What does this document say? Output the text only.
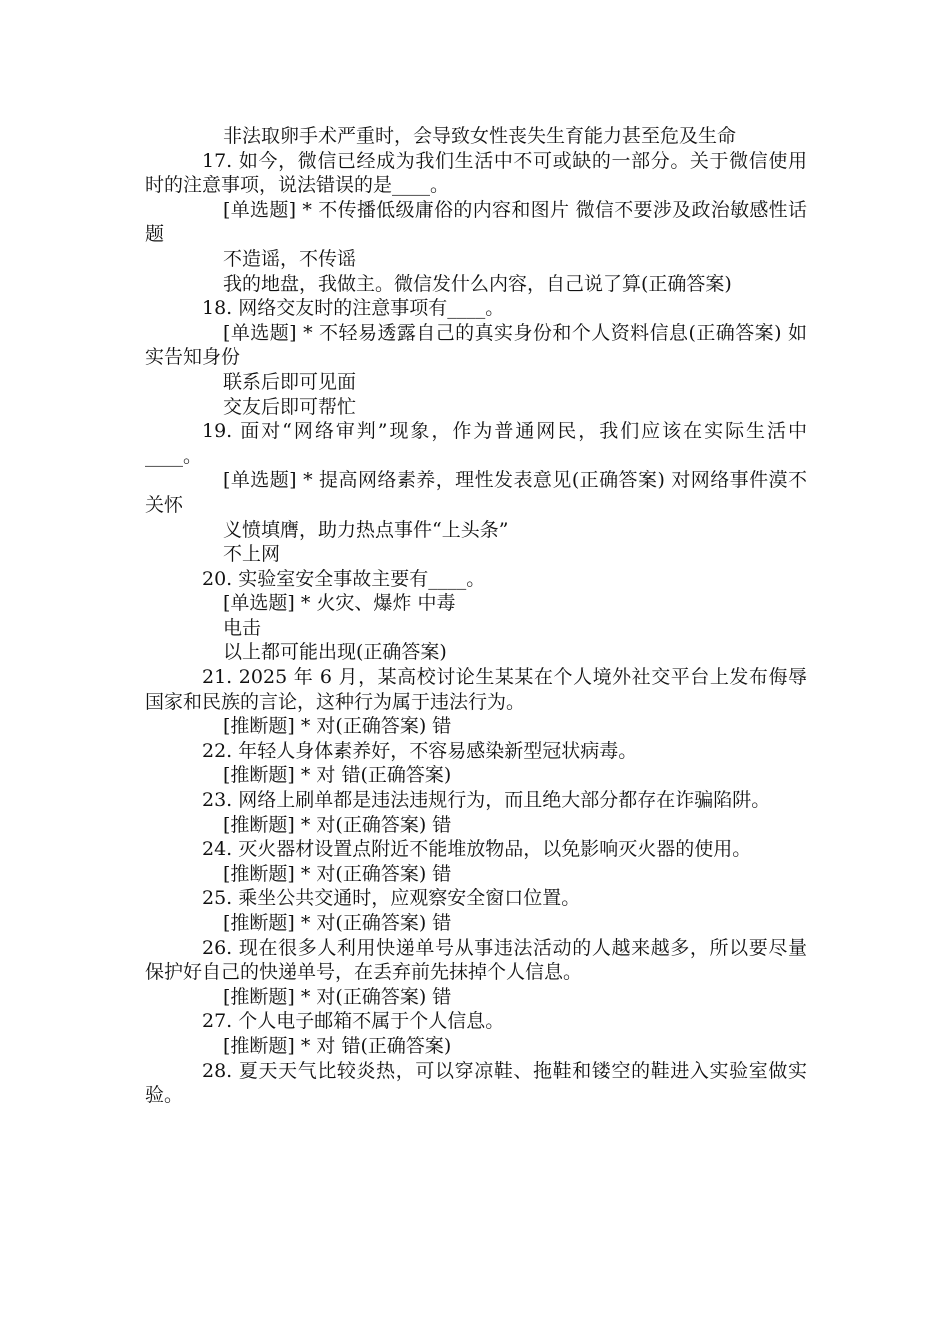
非法取卵手术严重时，会导致女性丧失生育能力甚至危及生命

17. 如今，微信已经成为我们生活中不可或缺的一部分。关于微信使用时的注意事项，说法错误的是____。

[单选题] * 不传播低级庸俗的内容和图片 微信不要涉及政治敏感性话题

不造谣，不传谣

我的地盘，我做主。微信发什么内容，自己说了算(正确答案)

18. 网络交友时的注意事项有____。

[单选题] * 不轻易透露自己的真实身份和个人资料信息(正确答案) 如实告知身份

联系后即可见面

交友后即可帮忙

19. 面对“网络审判”现象，作为普通网民，我们应该在实际生活中____。

[单选题] * 提高网络素养，理性发表意见(正确答案) 对网络事件漠不关怀

义愤填膺，助力热点事件“上头条”

不上网

20. 实验室安全事故主要有____。

[单选题] * 火灾、爆炸 中毒

电击

以上都可能出现(正确答案)

21. 2025 年 6 月，某高校讨论生某某在个人境外社交平台上发布侮辱国家和民族的言论，这种行为属于违法行为。

[推断题] * 对(正确答案) 错

22. 年轻人身体素养好，不容易感染新型冠状病毒。

[推断题] * 对 错(正确答案)

23. 网络上刷单都是违法违规行为，而且绝大部分都存在诈骗陷阱。

[推断题] * 对(正确答案) 错

24. 灭火器材设置点附近不能堆放物品，以免影响灭火器的使用。

[推断题] * 对(正确答案) 错

25. 乘坐公共交通时，应观察安全窗口位置。

[推断题] * 对(正确答案) 错

26. 现在很多人利用快递单号从事违法活动的人越来越多，所以要尽量保护好自己的快递单号，在丢弃前先抹掉个人信息。

[推断题] * 对(正确答案) 错

27. 个人电子邮箱不属于个人信息。

[推断题] * 对 错(正确答案)

28. 夏天天气比较炎热，可以穿凉鞋、拖鞋和镂空的鞋进入实验室做实验。
